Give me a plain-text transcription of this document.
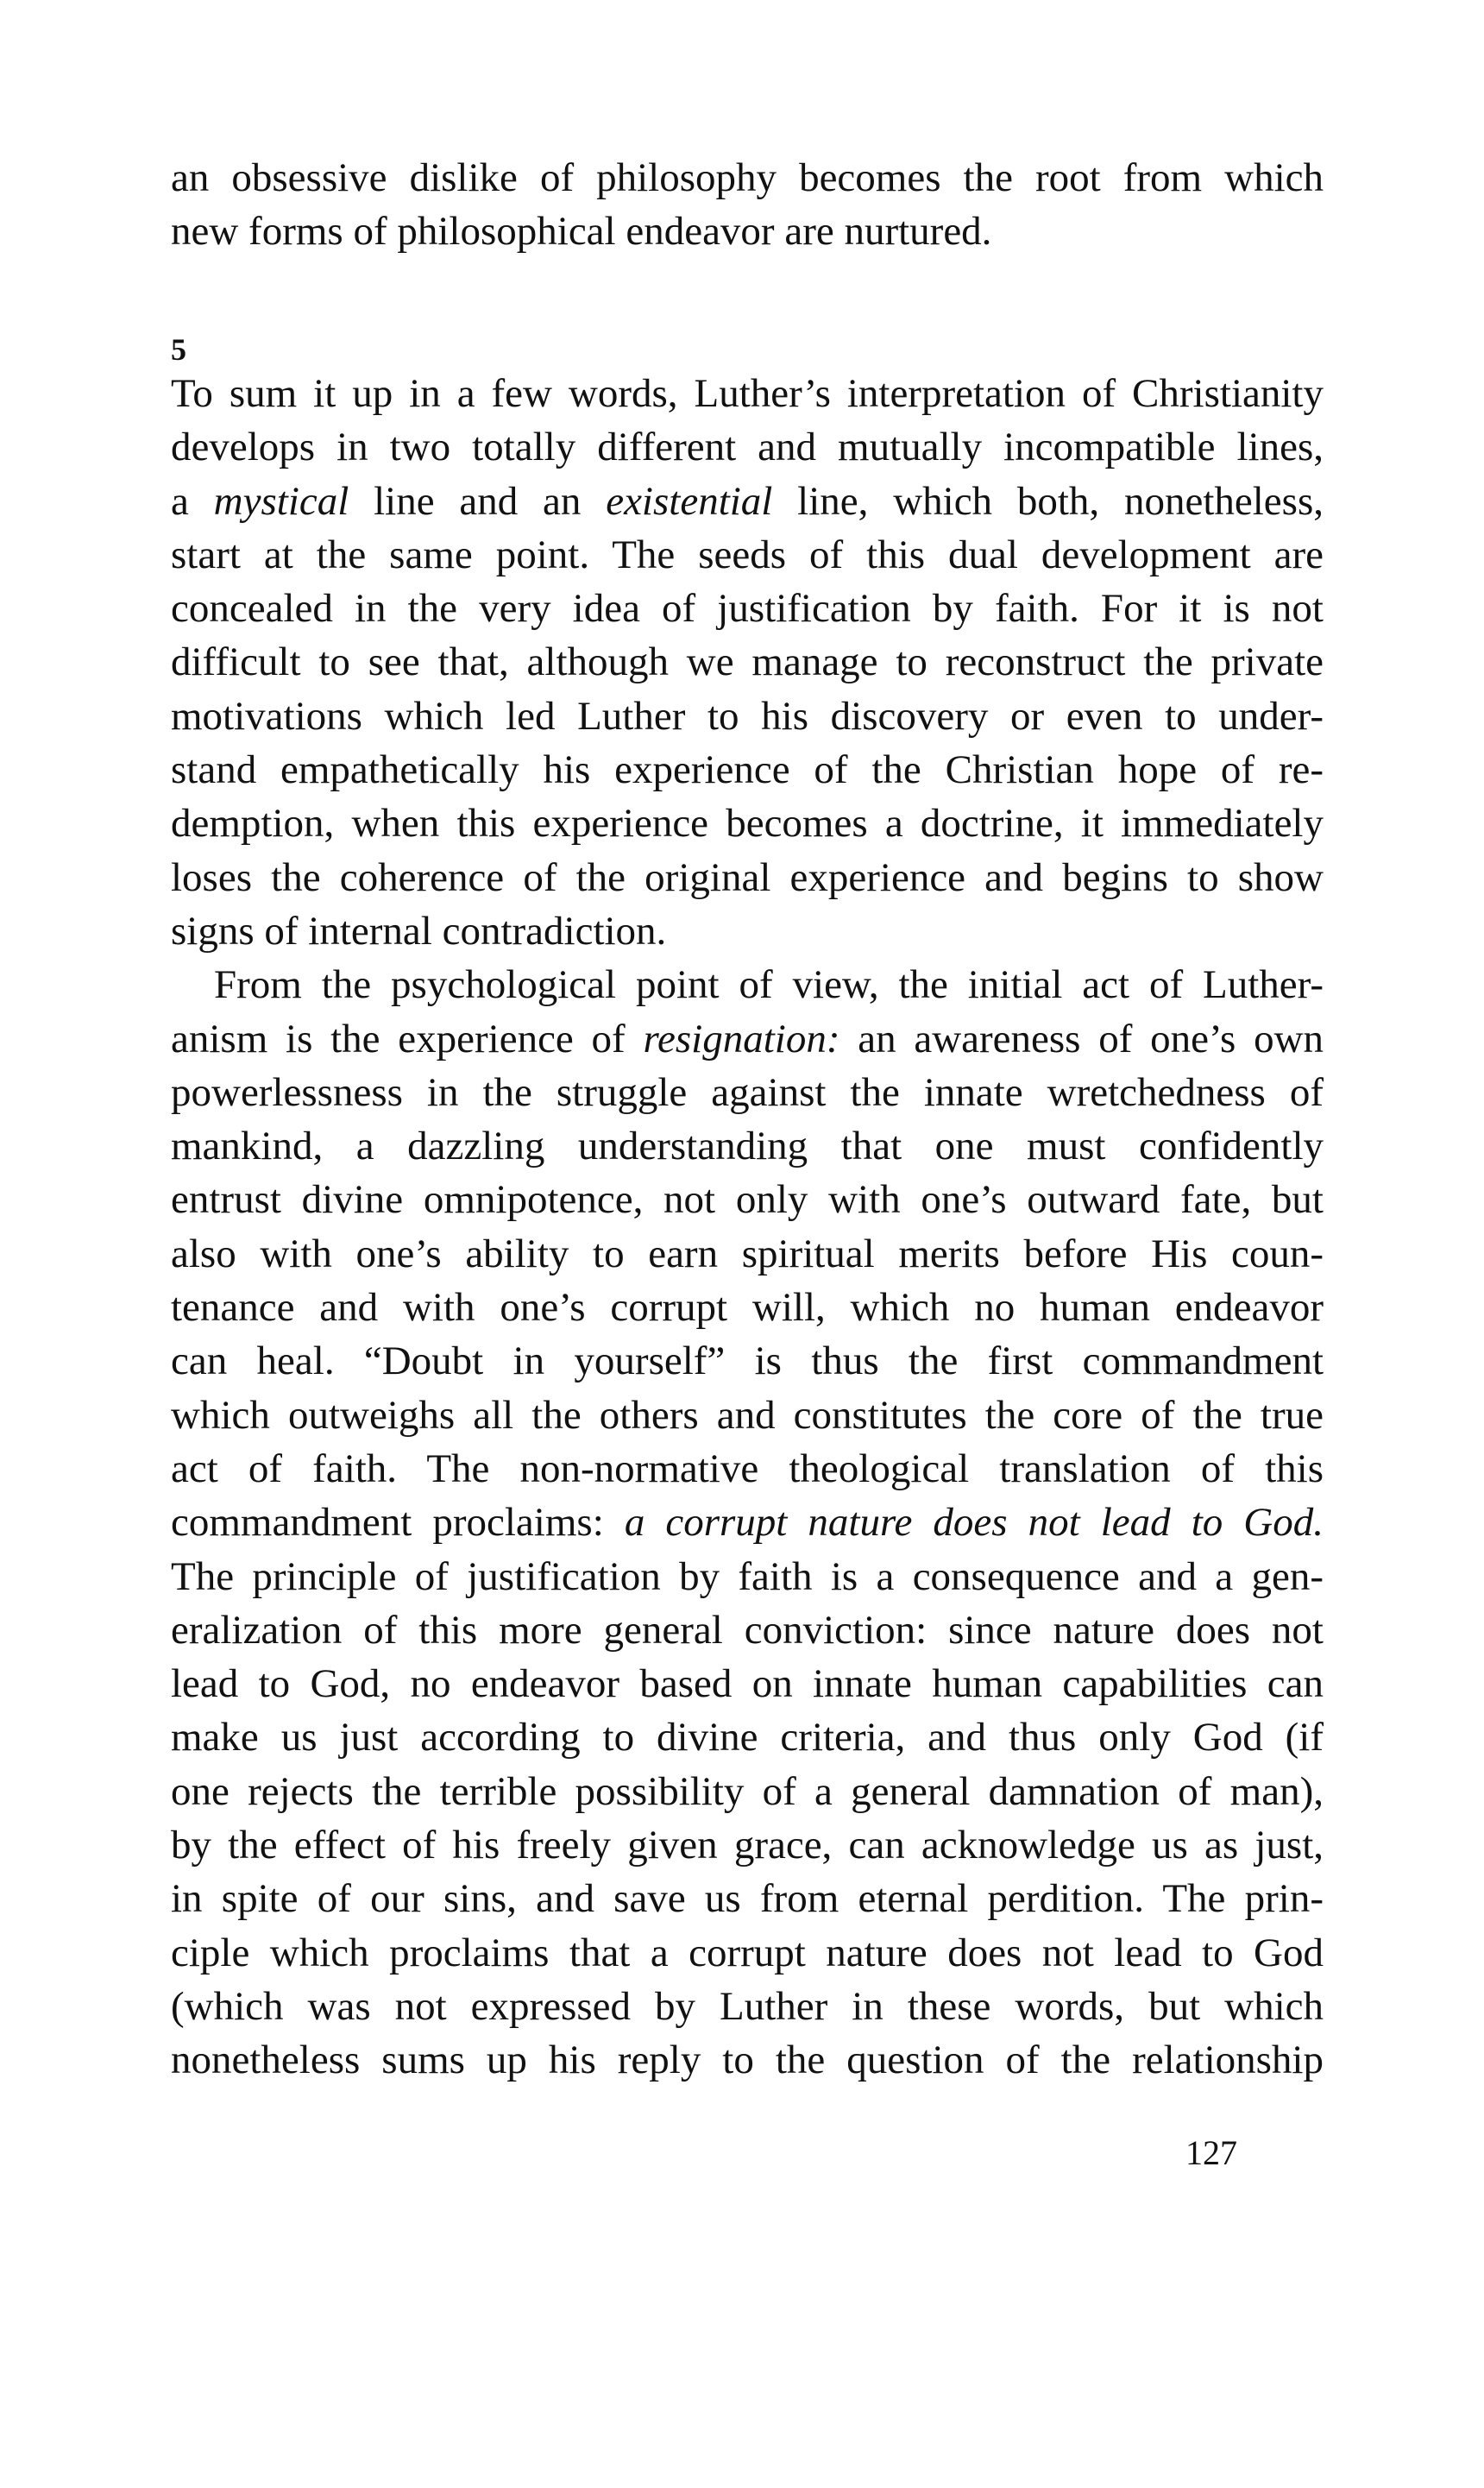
an obsessive dislike of philosophy becomes the root from which

new forms of philosophical endeavor are nurtured.

5

To sum it up in a few words, Luther’s interpretation of Christianity

develops in two totally different and mutually incompatible lines,

a mystical line and an existential line, which both, nonetheless,

start at the same point. The seeds of this dual development are

concealed in the very idea of justification by faith. For it is not

difficult to see that, although we manage to reconstruct the private

motivations which led Luther to his discovery or even to under-

stand empathetically his experience of the Christian hope of re-

demption, when this experience becomes a doctrine, it immediately

loses the coherence of the original experience and begins to show

signs of internal contradiction.

From the psychological point of view, the initial act of Luther-

anism is the experience of resignation: an awareness of one’s own

powerlessness in the struggle against the innate wretchedness of

mankind, a dazzling understanding that one must confidently

entrust divine omnipotence, not only with one’s outward fate, but

also with one’s ability to earn spiritual merits before His coun-

tenance and with one’s corrupt will, which no human endeavor

can heal. “Doubt in yourself” is thus the first commandment

which outweighs all the others and constitutes the core of the true

act of faith. The non-normative theological translation of this

commandment proclaims: a corrupt nature does not lead to God.

The principle of justification by faith is a consequence and a gen-

eralization of this more general conviction: since nature does not

lead to God, no endeavor based on innate human capabilities can

make us just according to divine criteria, and thus only God (if

one rejects the terrible possibility of a general damnation of man),

by the effect of his freely given grace, can acknowledge us as just,

in spite of our sins, and save us from eternal perdition. The prin-

ciple which proclaims that a corrupt nature does not lead to God

(which was not expressed by Luther in these words, but which

nonetheless sums up his reply to the question of the relationship

127
